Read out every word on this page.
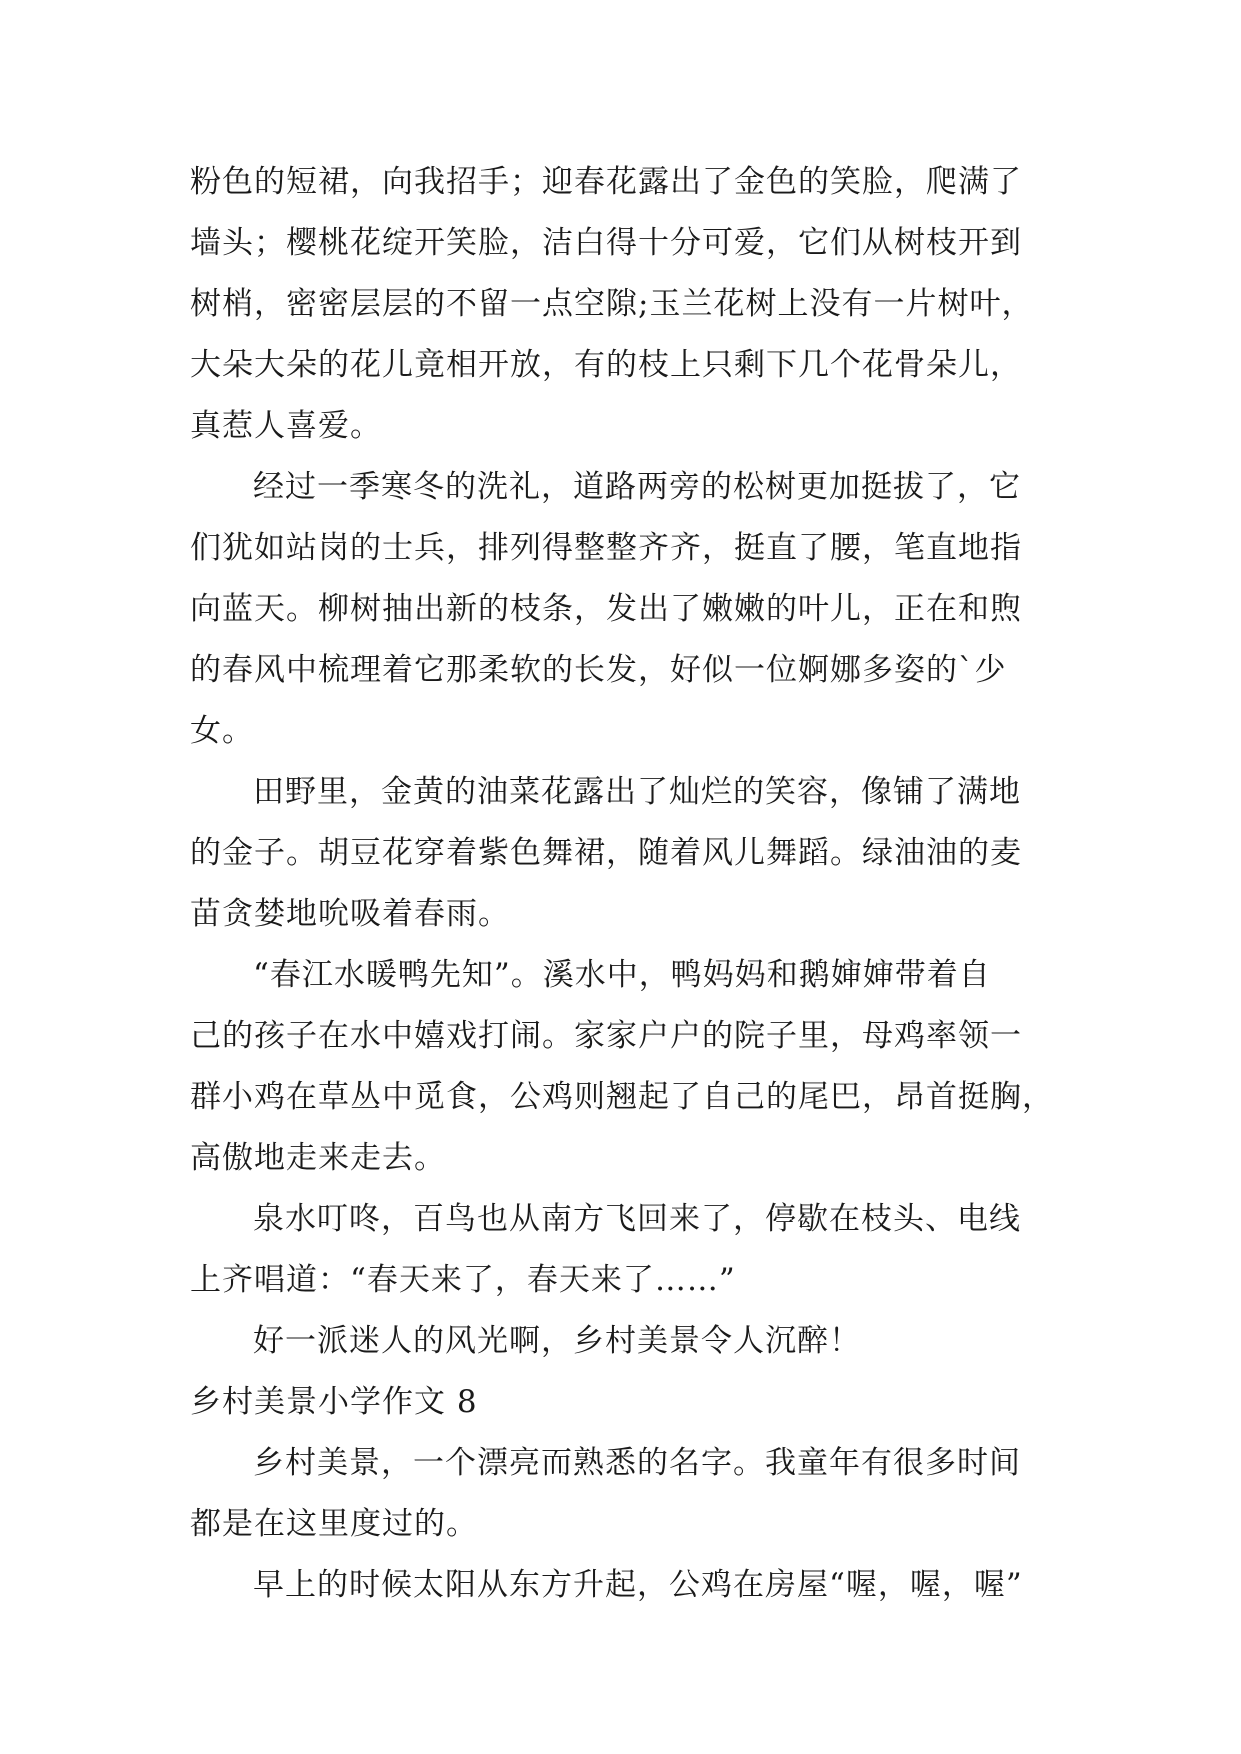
粉色的短裙，向我招手；迎春花露出了金色的笑脸，爬满了
墙头；樱桃花绽开笑脸，洁白得十分可爱，它们从树枝开到
树梢，密密层层的不留一点空隙;玉兰花树上没有一片树叶，
大朵大朵的花儿竟相开放，有的枝上只剩下几个花骨朵儿，
真惹人喜爱。
经过一季寒冬的洗礼，道路两旁的松树更加挺拔了，它
们犹如站岗的士兵，排列得整整齐齐，挺直了腰，笔直地指
向蓝天。柳树抽出新的枝条，发出了嫩嫩的叶儿，正在和煦
的春风中梳理着它那柔软的长发，好似一位婀娜多姿的`少
女。
田野里，金黄的油菜花露出了灿烂的笑容，像铺了满地
的金子。胡豆花穿着紫色舞裙，随着风儿舞蹈。绿油油的麦
苗贪婪地吮吸着春雨。
“春江水暖鸭先知”。溪水中，鸭妈妈和鹅婶婶带着自
己的孩子在水中嬉戏打闹。家家户户的院子里，母鸡率领一
群小鸡在草丛中觅食，公鸡则翘起了自己的尾巴，昂首挺胸，
高傲地走来走去。
泉水叮咚，百鸟也从南方飞回来了，停歇在枝头、电线
上齐唱道：“春天来了，春天来了……”
好一派迷人的风光啊，乡村美景令人沉醉！
乡村美景小学作文 8
乡村美景，一个漂亮而熟悉的名字。我童年有很多时间
都是在这里度过的。
早上的时候太阳从东方升起，公鸡在房屋“喔，喔，喔”
